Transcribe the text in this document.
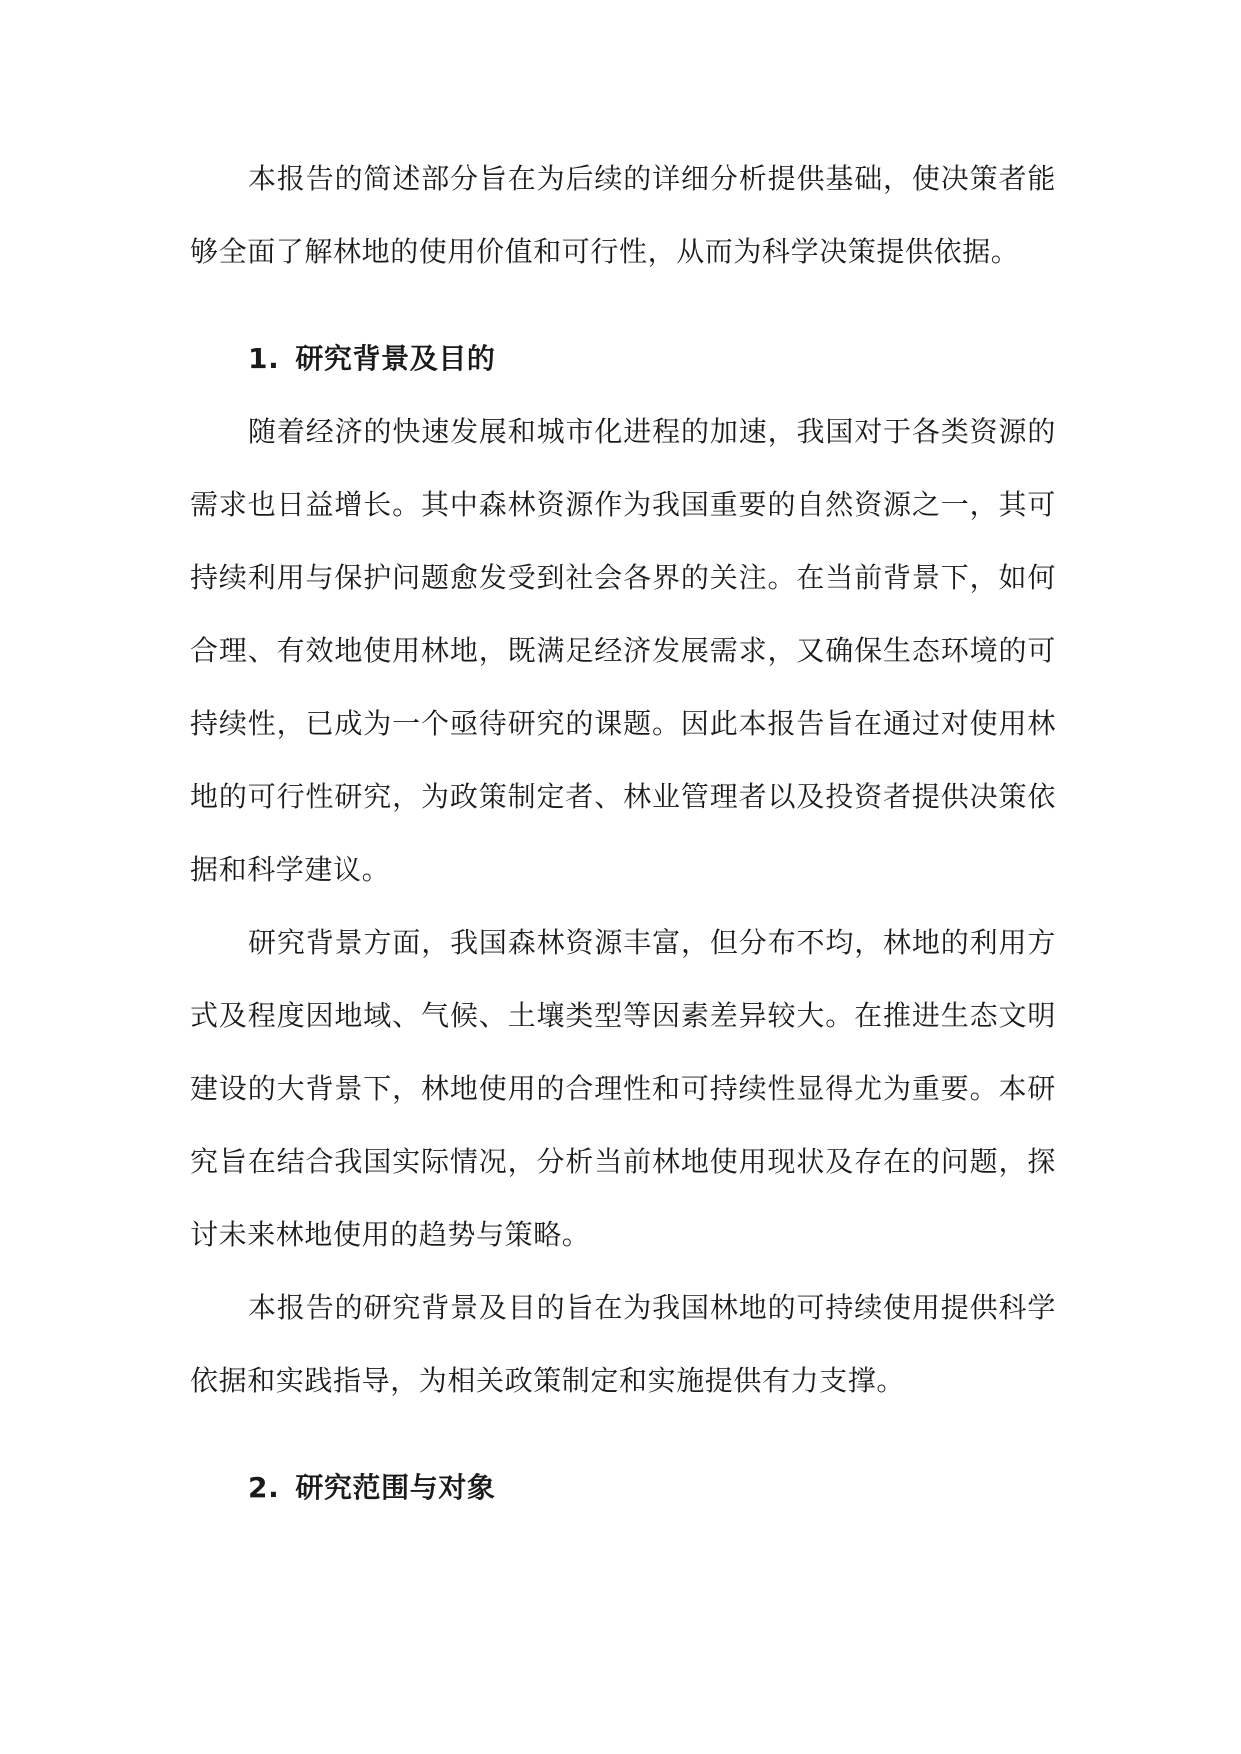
本报告的简述部分旨在为后续的详细分析提供基础，使决策者能够全面了解林地的使用价值和可行性，从而为科学决策提供依据。

1. 研究背景及目的

随着经济的快速发展和城市化进程的加速，我国对于各类资源的需求也日益增长。其中森林资源作为我国重要的自然资源之一，其可持续利用与保护问题愈发受到社会各界的关注。在当前背景下，如何合理、有效地使用林地，既满足经济发展需求，又确保生态环境的可持续性，已成为一个亟待研究的课题。因此本报告旨在通过对使用林地的可行性研究，为政策制定者、林业管理者以及投资者提供决策依据和科学建议。

研究背景方面，我国森林资源丰富，但分布不均，林地的利用方式及程度因地域、气候、土壤类型等因素差异较大。在推进生态文明建设的大背景下，林地使用的合理性和可持续性显得尤为重要。本研究旨在结合我国实际情况，分析当前林地使用现状及存在的问题，探讨未来林地使用的趋势与策略。

本报告的研究背景及目的旨在为我国林地的可持续使用提供科学依据和实践指导，为相关政策制定和实施提供有力支撑。

2. 研究范围与对象
